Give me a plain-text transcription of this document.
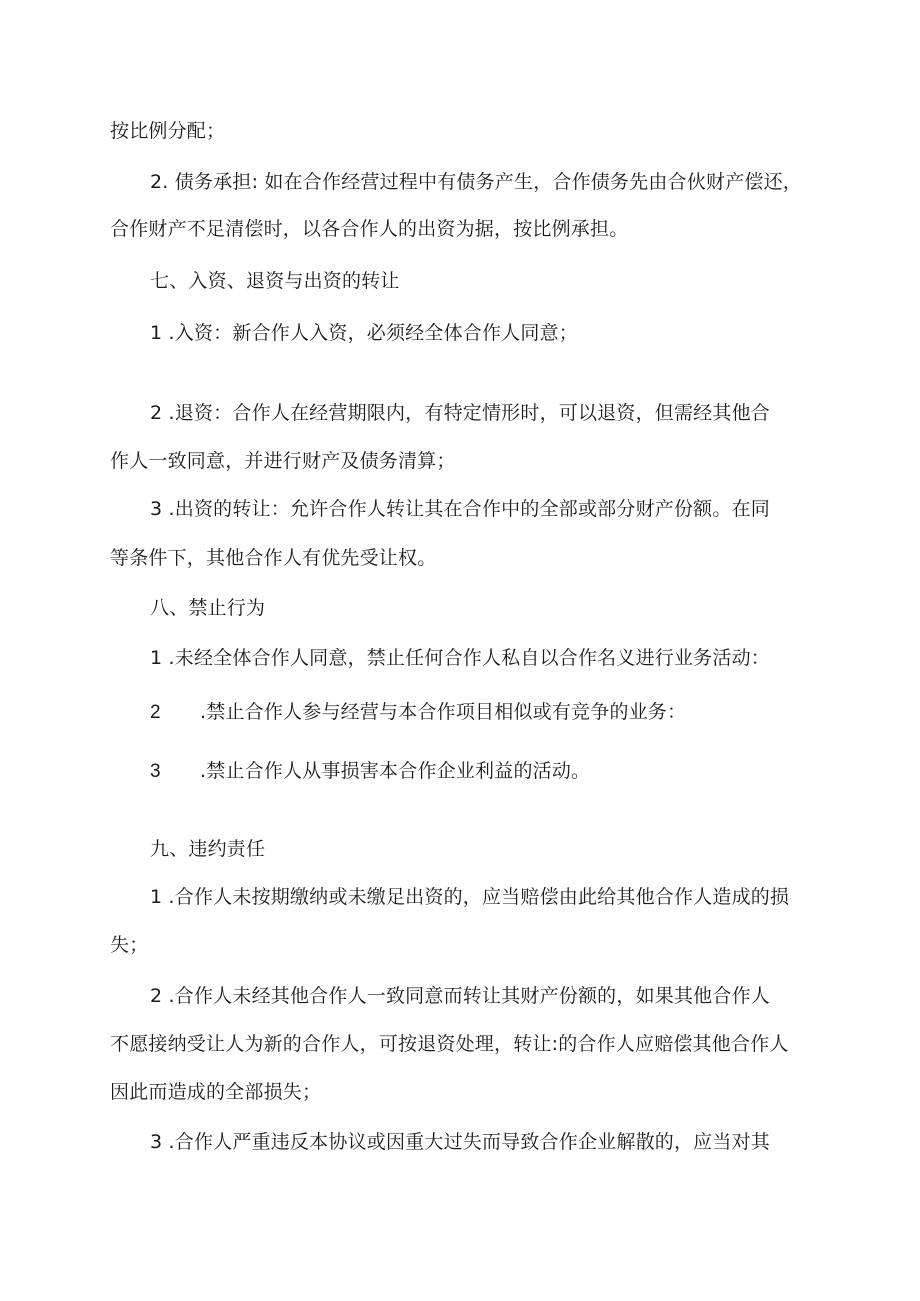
按比例分配；
2. 债务承担: 如在合作经营过程中有债务产生，合作债务先由合伙财产偿还，
合作财产不足清偿时，以各合作人的出资为据，按比例承担。
七、入资、退资与出资的转让
1 .入资：新合作人入资，必须经全体合作人同意；
2 .退资：合作人在经营期限内，有特定情形时，可以退资，但需经其他合
作人一致同意，并进行财产及债务清算；
3 .出资的转让：允许合作人转让其在合作中的全部或部分财产份额。在同
等条件下，其他合作人有优先受让权。
八、禁止行为
1 .未经全体合作人同意，禁止任何合作人私自以合作名义进行业务活动：
2 .禁止合作人参与经营与本合作项目相似或有竞争的业务：
3 .禁止合作人从事损害本合作企业利益的活动。
九、违约责任
1 .合作人未按期缴纳或未缴足出资的，应当赔偿由此给其他合作人造成的损
失；
2 .合作人未经其他合作人一致同意而转让其财产份额的，如果其他合作人
不愿接纳受让人为新的合作人，可按退资处理，转让:的合作人应赔偿其他合作人
因此而造成的全部损失；
3 .合作人严重违反本协议或因重大过失而导致合作企业解散的，应当对其
